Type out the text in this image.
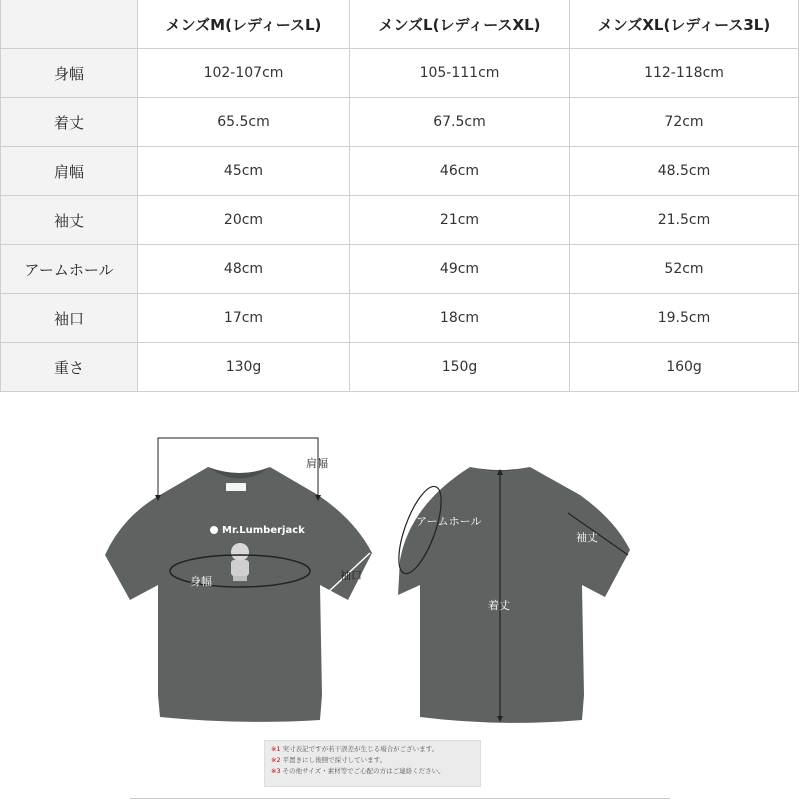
	メンズM(レディースL)	メンズL(レディースXL)	メンズXL(レディース3L)
身幅	102-107cm	105-111cm	112-118cm
着丈	65.5cm	67.5cm	72cm
肩幅	45cm	46cm	48.5cm
袖丈	20cm	21cm	21.5cm
アームホール	48cm	49cm	52cm
袖口	17cm	18cm	19.5cm
重さ	130g	150g	160g
Mr.Lumberjack
身幅
肩幅
袖口
着丈
アームホール
袖丈
※1 実寸表記ですが若干誤差が生じる場合がございます。
※2 平置きにし後側で採寸しています。
※3 その他サイズ・素材等でご心配の方はご連絡ください。
